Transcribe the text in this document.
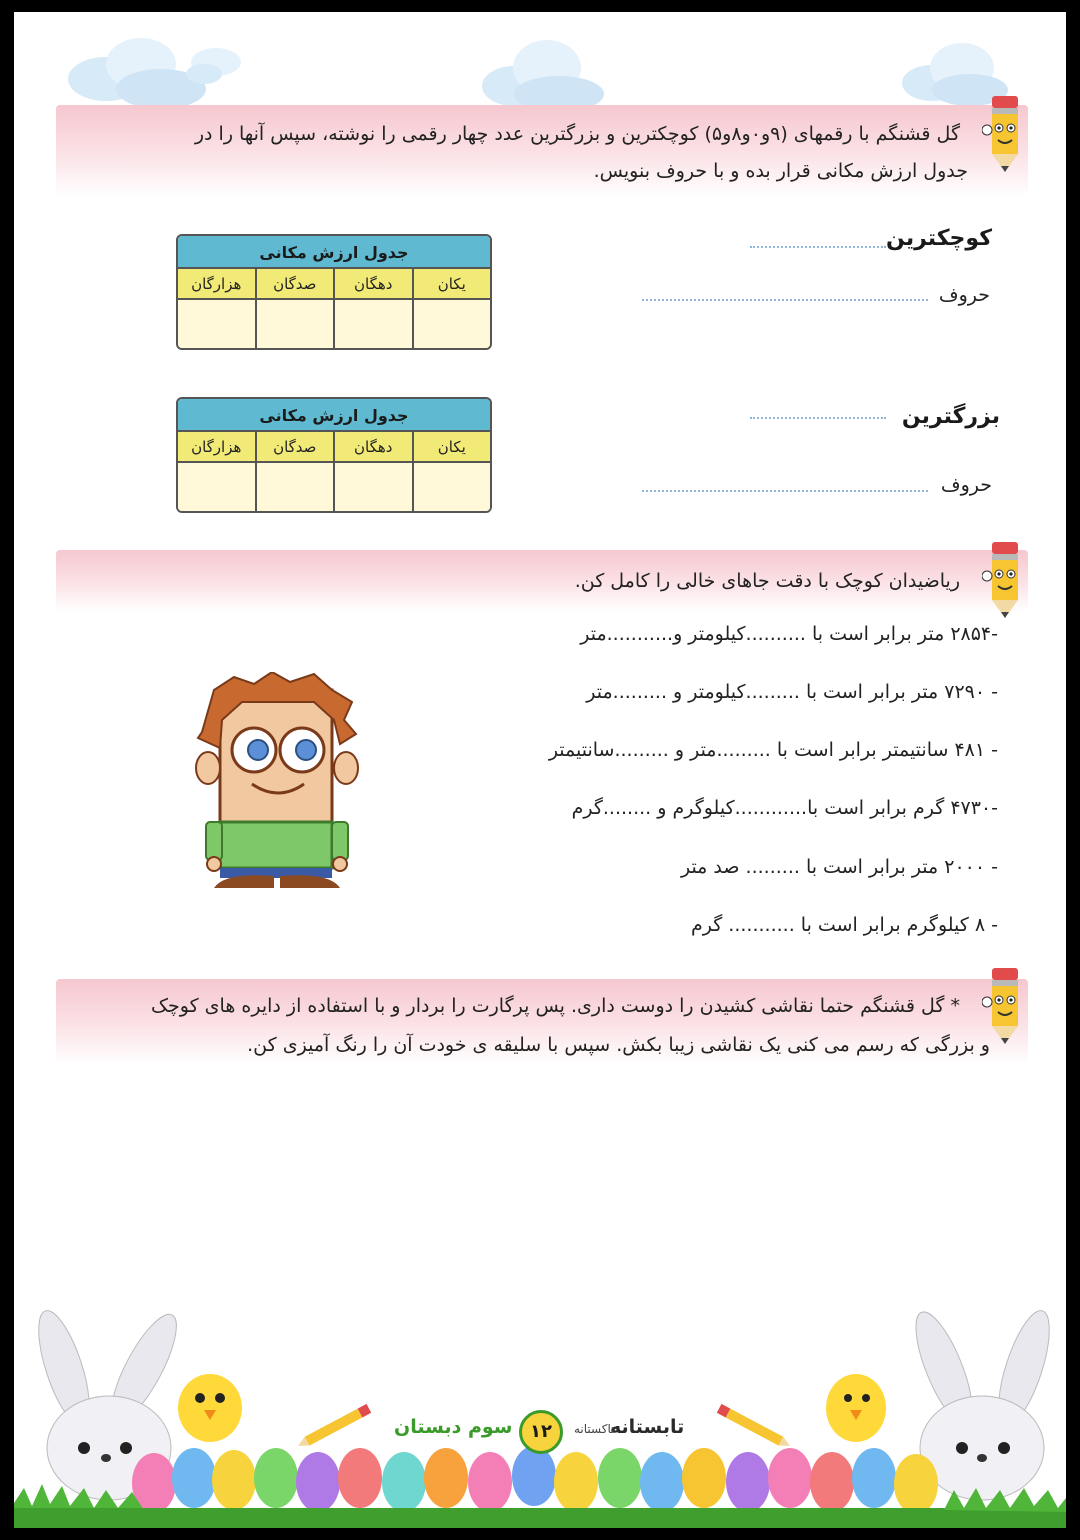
گل قشنگم با رقمهای (۹و۰و۸و۵) کوچکترین و بزرگترین عدد چهار رقمی را نوشته، سپس آنها را در
جدول ارزش مکانی قرار بده و با حروف بنویس.
کوچکترین
حروف
جدول ارزش مکانی
یکان
دهگان
صدگان
هزارگان
بزرگترین
حروف
جدول ارزش مکانی
یکان
دهگان
صدگان
هزارگان
ریاضیدان کوچک با دقت جاهای خالی را کامل کن.
-۲۸۵۴ متر برابر است با ..........کیلومتر و...........متر
- ۷۲۹۰ متر برابر است با .........کیلومتر و .........متر
- ۴۸۱ سانتیمتر برابر است با .........متر و .........سانتیمتر
-۴۷۳۰ گرم برابر است با............کیلوگرم و ........گرم
- ۲۰۰۰ متر برابر است با ......... صد متر
- ۸ کیلوگرم برابر است با ........... گرم
* گل قشنگم حتما نقاشی کشیدن را دوست داری. پس پرگارت را بردار و با استفاده از دایره های کوچک
و بزرگی که رسم می کنی یک نقاشی زیبا بکش. سپس با سلیقه ی خودت آن را رنگ آمیزی کن.
تابستانه
تاکستانه
۱۲
سوم دبستان
